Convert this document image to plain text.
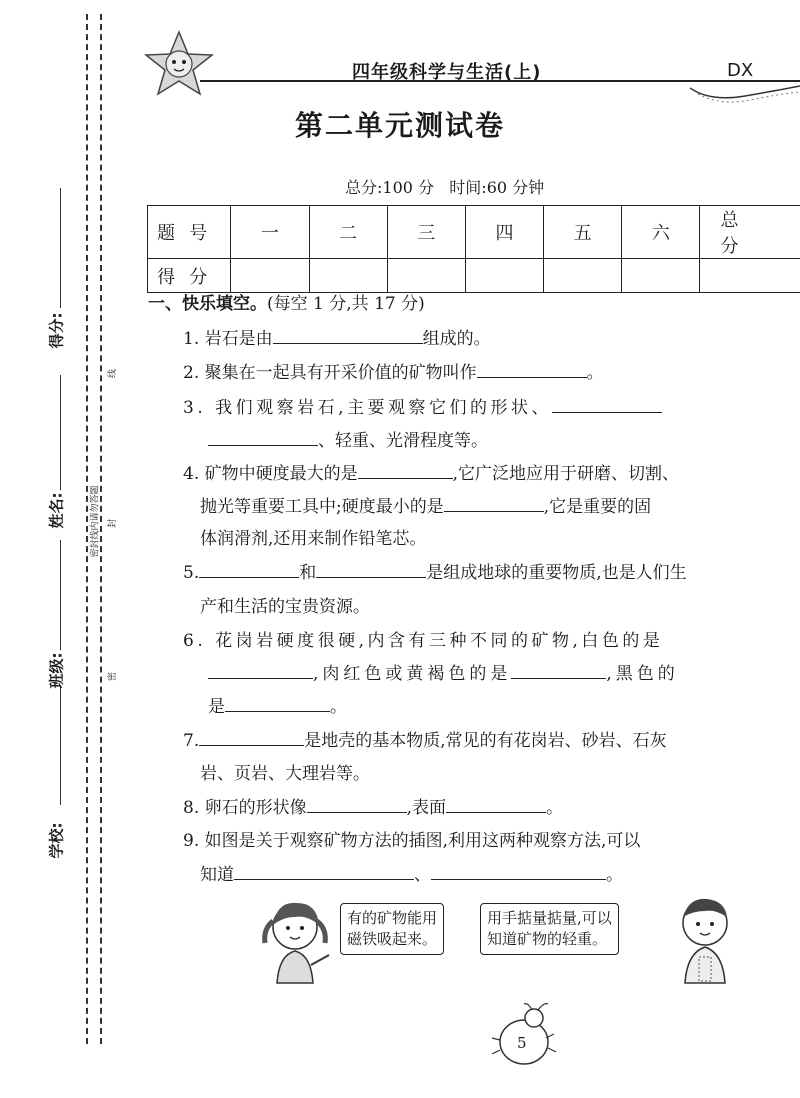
学校:
班级:
姓名:
得分:
密
封
线
密封线内请勿答题
四年级科学与生活(上)	DX
第二单元测试卷
总分:100 分 时间:60 分钟
题号	一	二	三	四	五	六	总分
得分							
一、快乐填空。(每空 1 分,共 17 分)
1. 岩石是由	组成的。
2. 聚集在一起具有开采价值的矿物叫作	。
3. 我们观察岩石,主要观察它们的形状、
、轻重、光滑程度等。
4. 矿物中硬度最大的是	,它广泛地应用于研磨、切割、
抛光等重要工具中;硬度最小的是	,它是重要的固
体润滑剂,还用来制作铅笔芯。
5.	和	是组成地球的重要物质,也是人们生
产和生活的宝贵资源。
6. 花岗岩硬度很硬,内含有三种不同的矿物,白色的是
,肉红色或黄褐色的是	,黑色的
是	。
7.	是地壳的基本物质,常见的有花岗岩、砂岩、石灰
岩、页岩、大理岩等。
8. 卵石的形状像	,表面	。
9. 如图是关于观察矿物方法的插图,利用这两种观察方法,可以
知道	、	。
有的矿物能用
磁铁吸起来。
用手掂量掂量,可以
知道矿物的轻重。
5
